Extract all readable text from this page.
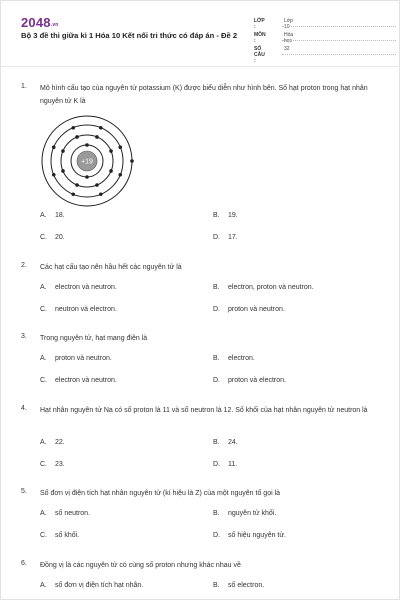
2048.vn
Bộ 3 đề thi giữa kì 1 Hóa 10 Kết nối tri thức có đáp án - Đề 2
LỚP :
Lớp 10
MÔN :
Hóa học
SỐ CÂU :
32
1. Mô hình cấu tạo của nguyên tử potassium (K) được biểu diễn như hình bên. Số hạt proton trong hạt nhân nguyên tử K là
+19
A. 18.	B. 19.
C. 20.	D. 17.
2. Các hạt cấu tạo nên hầu hết các nguyên tử là
A. electron và neutron.	B. electron, proton và neutron.
C. neutron và electron.	D. proton và neutron.
3. Trong nguyên tử, hạt mang điện là
A. proton và neutron.	B. electron.
C. electron và neutron.	D. proton và electron.
4. Hạt nhân nguyên tử Na có số proton là 11 và số neutron là 12. Số khối của hạt nhân nguyên tử neutron là
A. 22.	B. 24.
C. 23.	D. 11.
5. Số đơn vị điện tích hạt nhân nguyên tử (kí hiệu là Z) của một nguyên tố gọi là
A. số neutron.	B. nguyên tử khối.
C. số khối.	D. số hiệu nguyên tử.
6. Đồng vị là các nguyên tử có cùng số proton nhưng khác nhau về
A. số đơn vị điện tích hạt nhân.	B. số electron.
